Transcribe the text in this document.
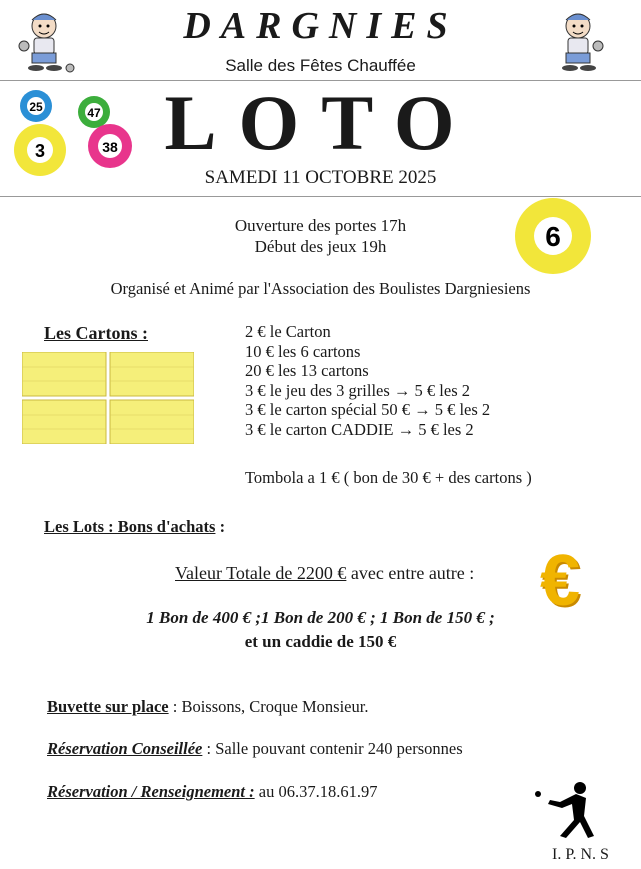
DARGNIES
Salle des Fêtes Chauffée
25	47
3	38 LOTO
SAMEDI 11 OCTOBRE 2025
6
Ouverture des portes 17h
Début des jeux 19h
Organisé et Animé par l'Association des Boulistes Dargniesiens
Les Cartons :	2 € le Carton
10 € les 6 cartons
20 € les 13 cartons
3 € le jeu des 3 grilles → 5 € les 2
3 € le carton spécial 50 € → 5 € les 2
3 € le carton CADDIE → 5 € les 2
Tombola a 1 € ( bon de 30 € + des cartons )
Les Lots : Bons d'achats :
Valeur Totale de 2200 € avec entre autre : €
1 Bon de 400 € ;1 Bon de 200 € ; 1 Bon de 150 € ;
et un caddie de 150 €
Buvette sur place : Boissons, Croque Monsieur.
Réservation Conseillée : Salle pouvant contenir 240 personnes
Réservation / Renseignement : au 06.37.18.61.97
I. P. N. S
